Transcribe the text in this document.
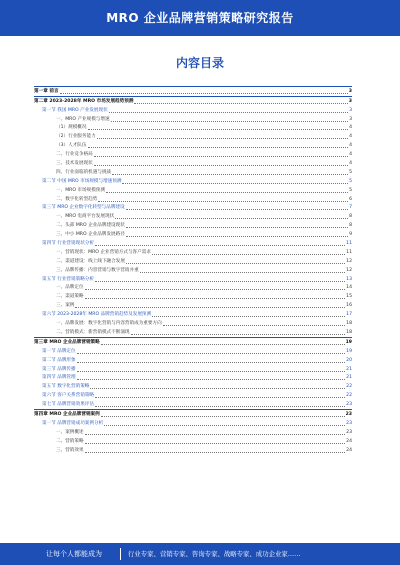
MRO 企业品牌营销策略研究报告
内容目录
第一章 前言	3
第二章 2023-2028年 MRO 市场发展趋势预测	3
第一节 我国 MRO 产业发展现状	3
一、MRO 产业规模与增速	3
（1）规模概况	4
（2）行业服务能力	4
（3）人才队伍	4
二、行业竞争格局	4
三、技术发展现状	4
四、行业面临的机遇与挑战	5
第二节 中国 MRO 市场规模与增速预测	5
一、MRO 市场规模预测	5
二、数字化转型趋势	6
第三节 MRO 企业数字化转型与品牌建设	7
一、MRO 电商平台发展现状	8
二、头部 MRO 企业品牌建设现状	8
三、中小 MRO 企业品牌发展路径	9
第四节 行业营销现状分析	11
一、营销现状：MRO 企业营销方式与客户需求	11
二、渠道建设：线上线下融合发展	12
三、品牌传播：内容营销与数字营销并重	12
第五节 行业营销策略分析	13
一、品牌定位	14
二、渠道策略	15
三、案例	16
第六节 2023-2028年 MRO 品牌营销趋势及发展预测	17
一、品牌发展：数字化营销与内容营销成为重要方向	18
二、营销模式：新营销模式不断涌现	18
第三章 MRO 企业品牌营销策略	19
第一节 品牌定位	19
第二节 品牌形象	20
第三节 品牌传播	21
第四节 品牌管理	21
第五节 数字化营销策略	22
第六节 客户关系营销策略	22
第七节 品牌营销效果评估	23
第四章 MRO 企业品牌营销案例	23
第一节 品牌营销成功案例分析	23
一、案例概述	23
二、营销策略	24
三、营销效果	24
让每个人都能成为	行业专家、营销专家、咨询专家、战略专家、成功企业家……
